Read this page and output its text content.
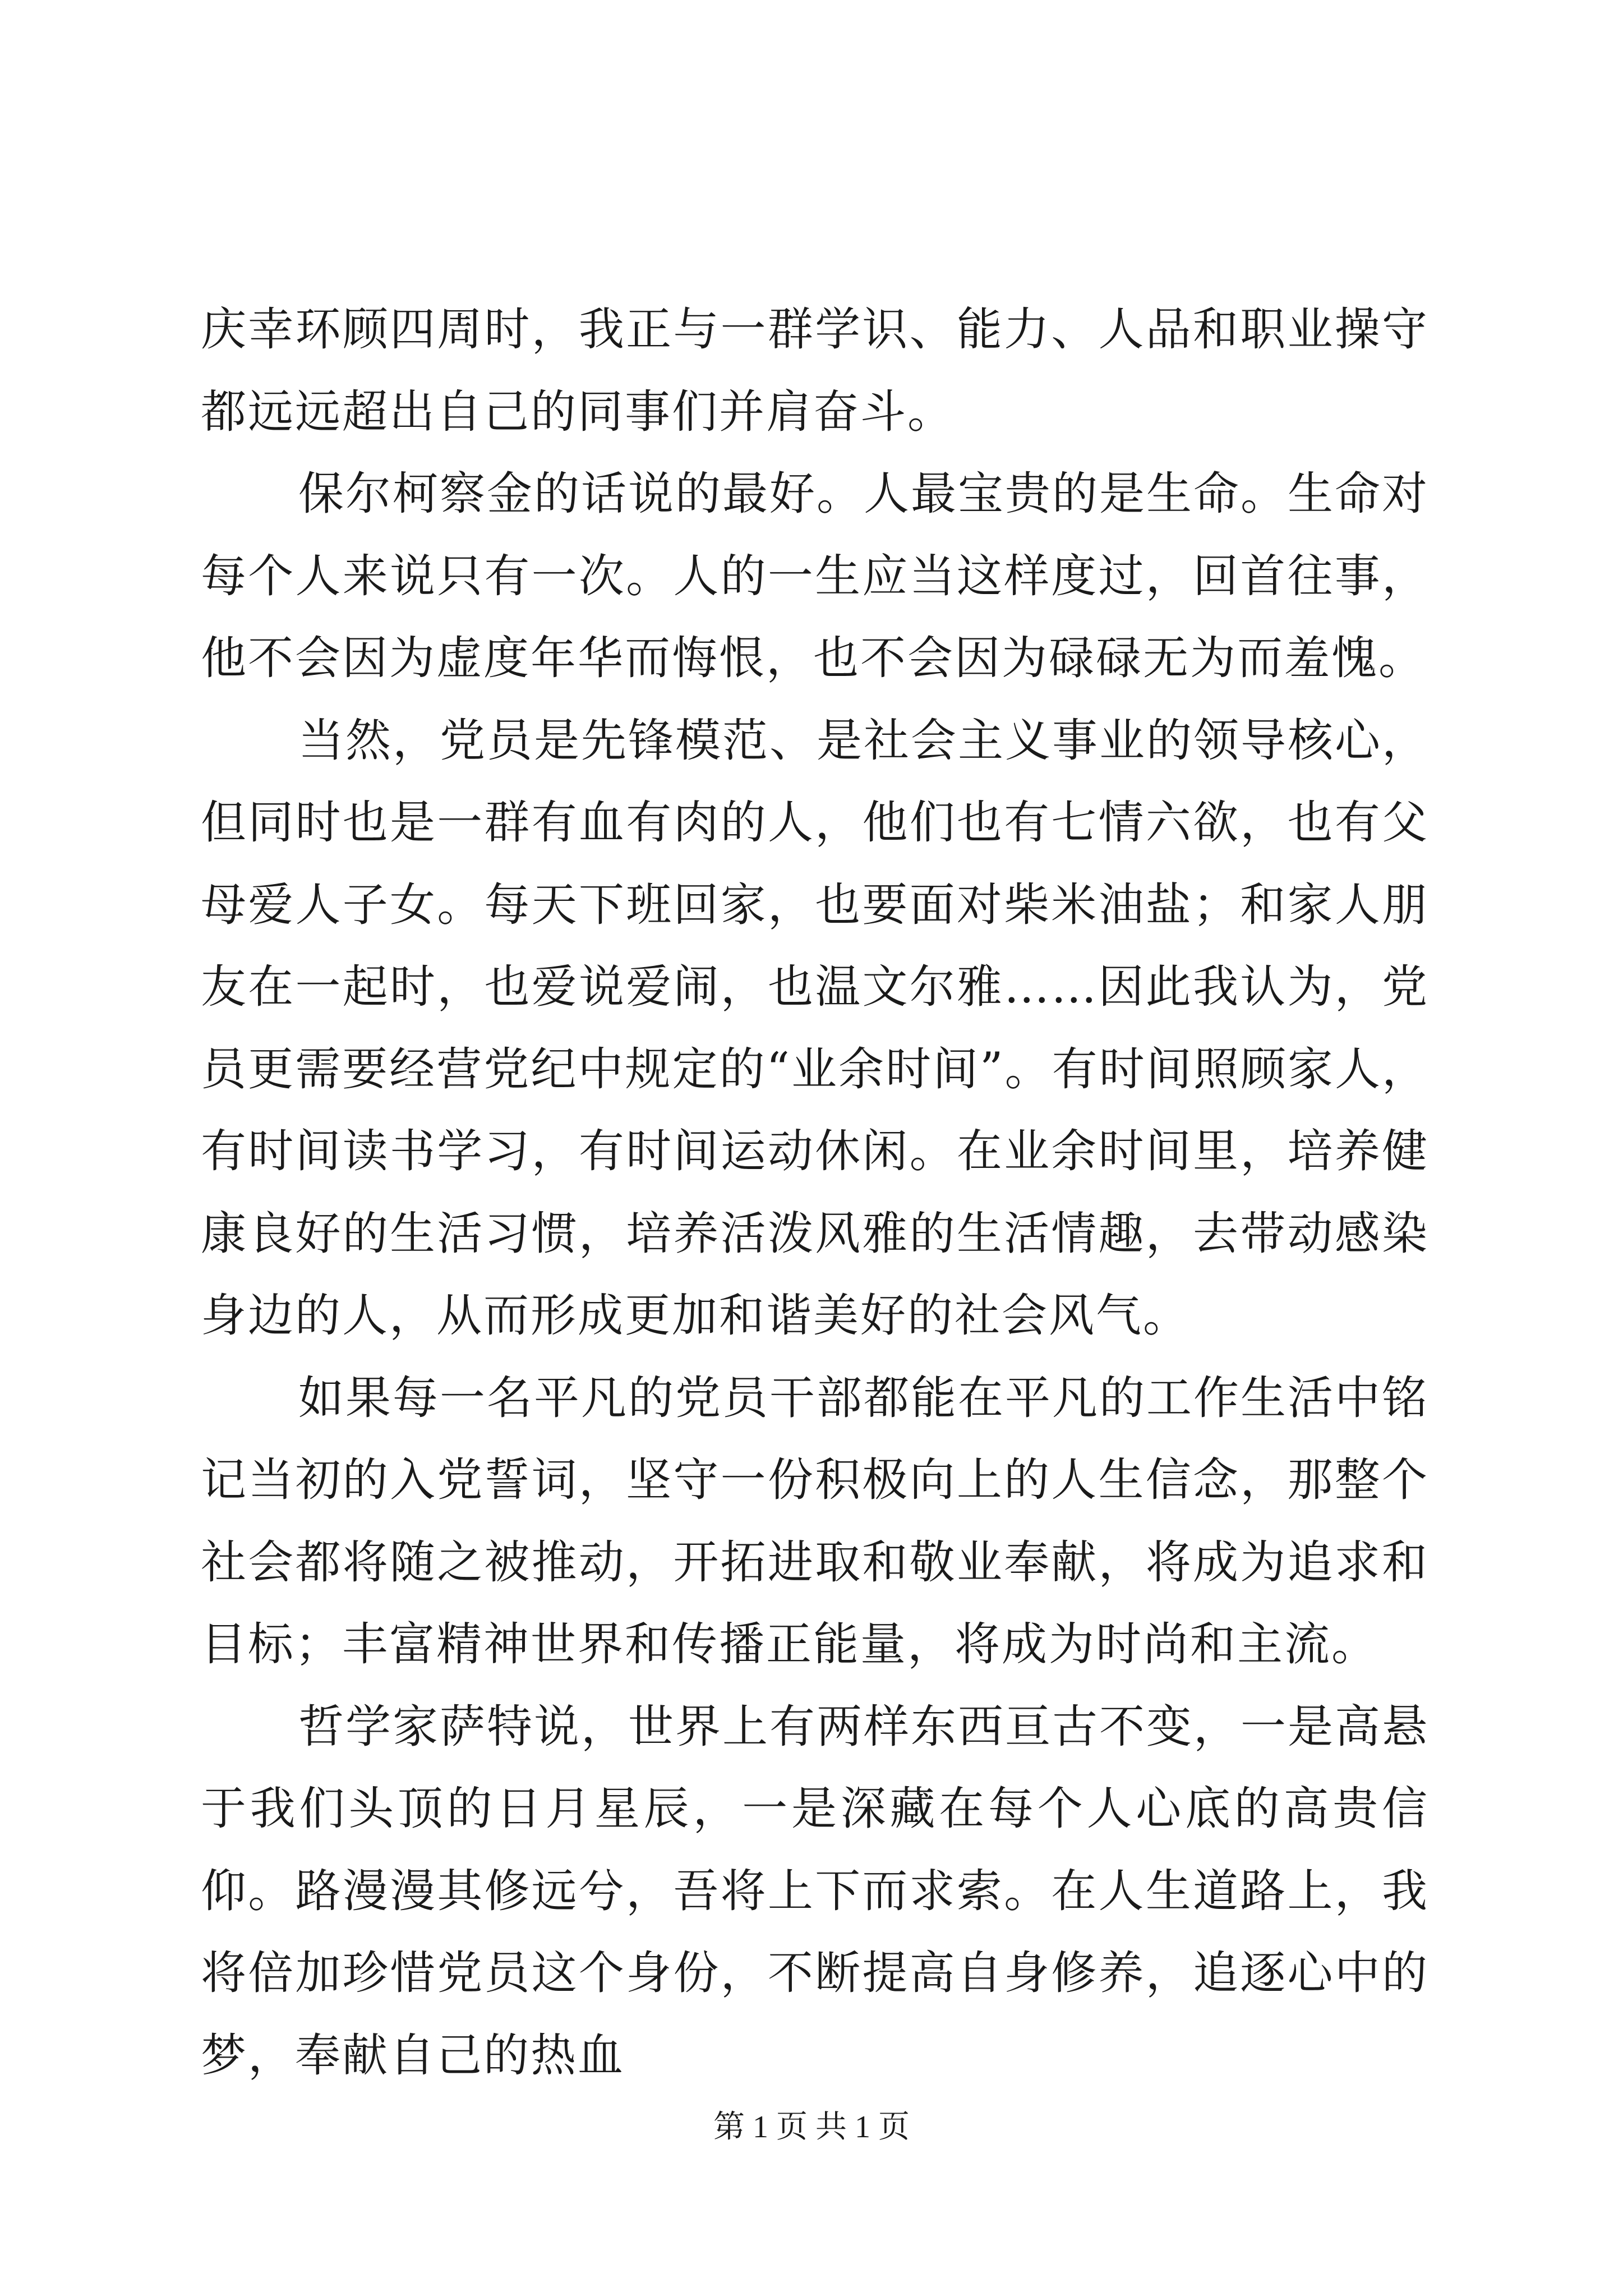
庆幸环顾四周时，我正与一群学识、能力、人品和职业操守都远远超出自己的同事们并肩奋斗。

保尔柯察金的话说的最好。人最宝贵的是生命。生命对每个人来说只有一次。人的一生应当这样度过，回首往事，他不会因为虚度年华而悔恨，也不会因为碌碌无为而羞愧。

当然，党员是先锋模范、是社会主义事业的领导核心，但同时也是一群有血有肉的人，他们也有七情六欲，也有父母爱人子女。每天下班回家，也要面对柴米油盐；和家人朋友在一起时，也爱说爱闹，也温文尔雅……因此我认为，党员更需要经营党纪中规定的“业余时间”。有时间照顾家人，有时间读书学习，有时间运动休闲。在业余时间里，培养健康良好的生活习惯，培养活泼风雅的生活情趣，去带动感染身边的人，从而形成更加和谐美好的社会风气。

如果每一名平凡的党员干部都能在平凡的工作生活中铭记当初的入党誓词，坚守一份积极向上的人生信念，那整个社会都将随之被推动，开拓进取和敬业奉献，将成为追求和目标；丰富精神世界和传播正能量，将成为时尚和主流。

哲学家萨特说，世界上有两样东西亘古不变，一是高悬于我们头顶的日月星辰，一是深藏在每个人心底的高贵信仰。路漫漫其修远兮，吾将上下而求索。在人生道路上，我将倍加珍惜党员这个身份，不断提高自身修养，追逐心中的梦，奉献自己的热血

第 1 页 共 1 页
